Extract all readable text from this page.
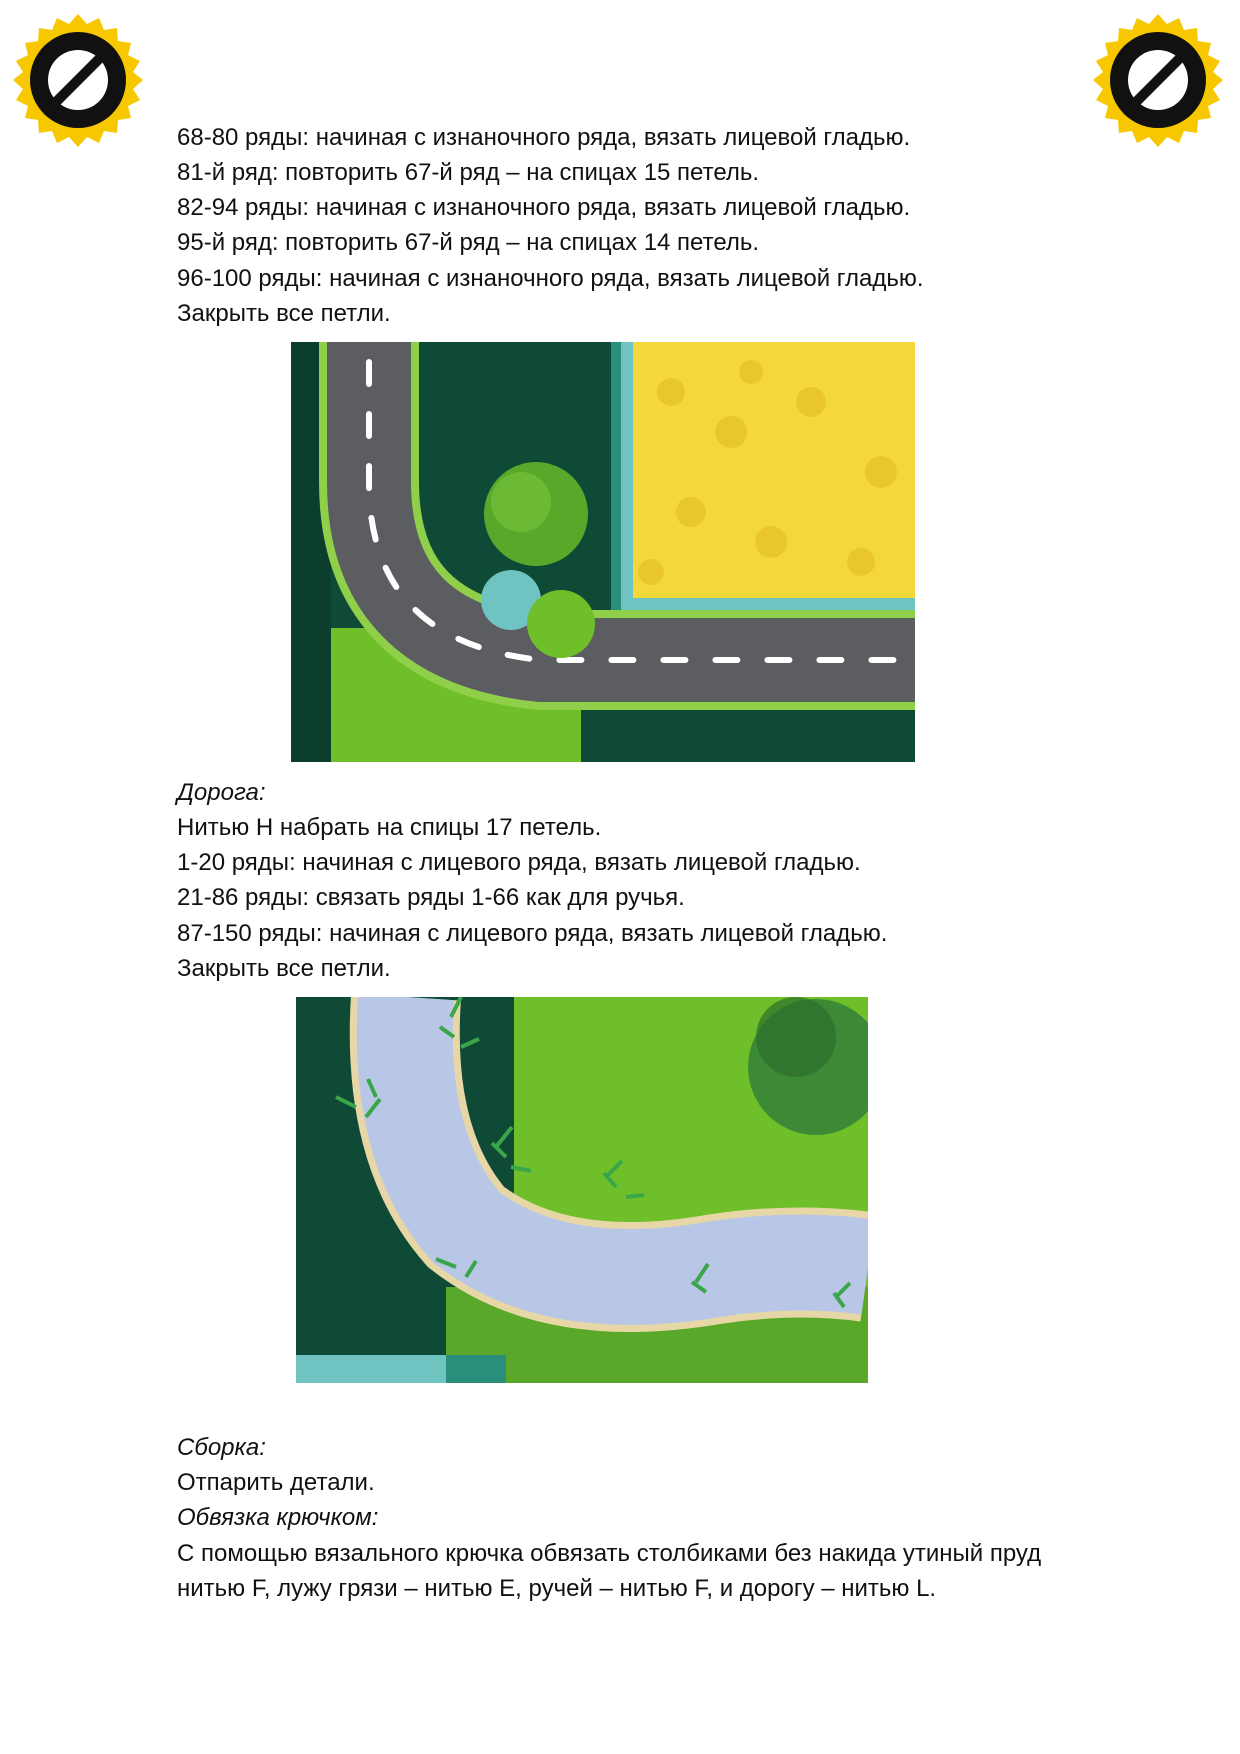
68-80 ряды: начиная с изнаночного ряда, вязать лицевой гладью.
81-й ряд: повторить 67-й ряд – на спицах 15 петель.
82-94 ряды: начиная с изнаночного ряда, вязать лицевой гладью.
95-й ряд: повторить 67-й ряд – на спицах 14 петель.
96-100 ряды: начиная с изнаночного ряда, вязать лицевой гладью.
Закрыть все петли.
Дорога:
Нитью Н набрать на спицы 17 петель.
1-20 ряды: начиная с лицевого ряда, вязать лицевой гладью.
21-86 ряды: связать ряды 1-66 как для ручья.
87-150 ряды: начиная с лицевого ряда, вязать лицевой гладью.
Закрыть все петли.
Сборка:
Отпарить детали.
Обвязка крючком:
С помощью вязального крючка обвязать столбиками без накида утиный пруд
нитью F, лужу грязи – нитью E, ручей – нитью F, и дорогу – нитью L.
